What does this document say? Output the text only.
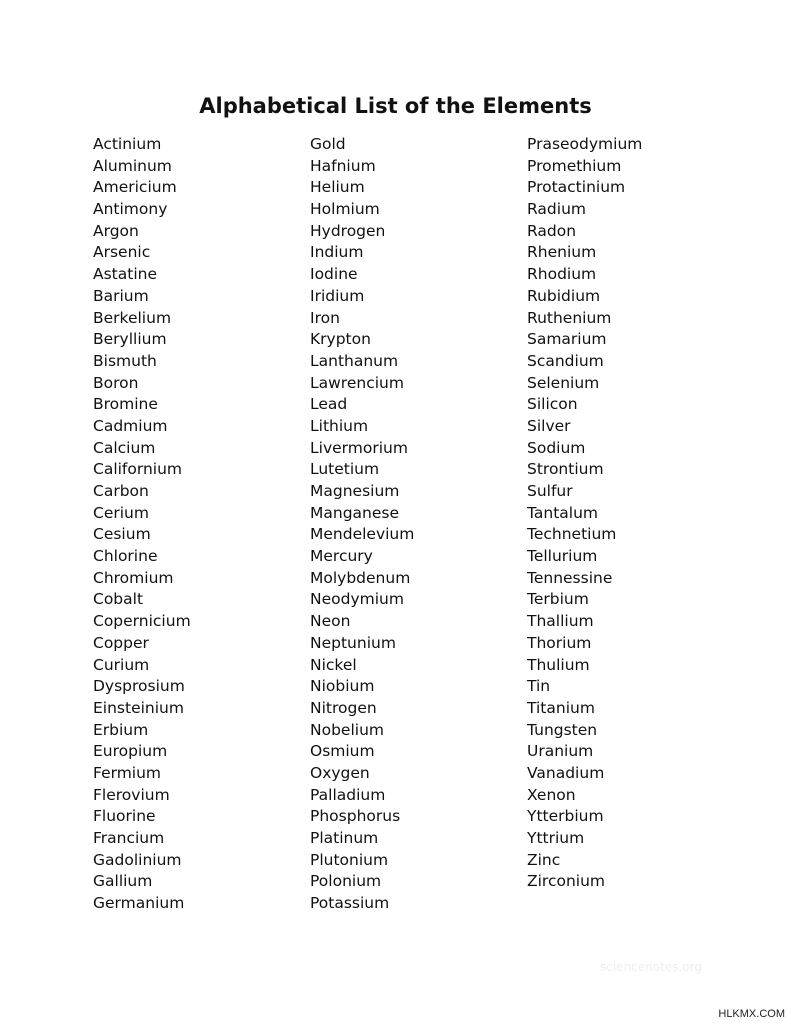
Alphabetical List of the Elements
Actinium
Aluminum
Americium
Antimony
Argon
Arsenic
Astatine
Barium
Berkelium
Beryllium
Bismuth
Boron
Bromine
Cadmium
Calcium
Californium
Carbon
Cerium
Cesium
Chlorine
Chromium
Cobalt
Copernicium
Copper
Curium
Dysprosium
Einsteinium
Erbium
Europium
Fermium
Flerovium
Fluorine
Francium
Gadolinium
Gallium
Germanium
Gold
Hafnium
Helium
Holmium
Hydrogen
Indium
Iodine
Iridium
Iron
Krypton
Lanthanum
Lawrencium
Lead
Lithium
Livermorium
Lutetium
Magnesium
Manganese
Mendelevium
Mercury
Molybdenum
Neodymium
Neon
Neptunium
Nickel
Niobium
Nitrogen
Nobelium
Osmium
Oxygen
Palladium
Phosphorus
Platinum
Plutonium
Polonium
Potassium
Praseodymium
Promethium
Protactinium
Radium
Radon
Rhenium
Rhodium
Rubidium
Ruthenium
Samarium
Scandium
Selenium
Silicon
Silver
Sodium
Strontium
Sulfur
Tantalum
Technetium
Tellurium
Tennessine
Terbium
Thallium
Thorium
Thulium
Tin
Titanium
Tungsten
Uranium
Vanadium
Xenon
Ytterbium
Yttrium
Zinc
Zirconium
sciencenotes.org
HLKMX.COM
